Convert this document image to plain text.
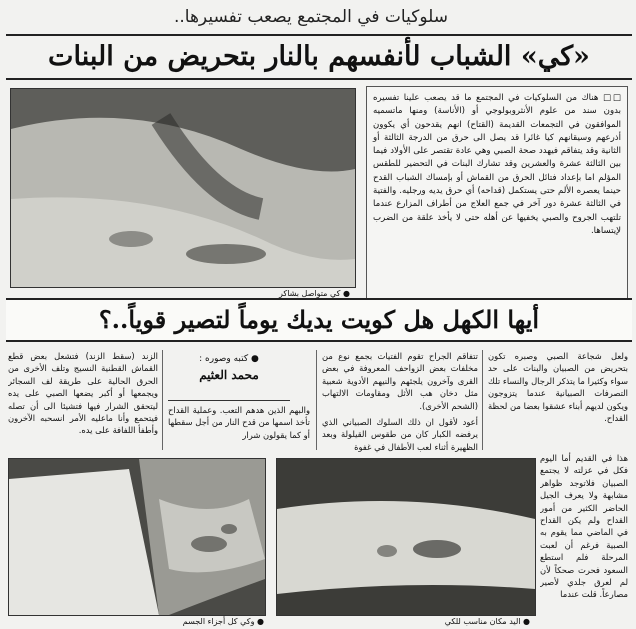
سلوكيات في المجتمع يصعب تفسيرها..
«كي» الشباب لأنفسهم بالنار بتحريض من البنات
● كي متواصل بشاكر
□□ هناك من السلوكيات في المجتمع ما قد يصعب علينا تفسيره بدون سند من علوم الأنثروبولوجي أو (الأناسة) ومنها ماتسميه الموافقون في التجمعات القديمة (القتاح) انهم يقدحون أي يكوون أذرعهم وسيقانهم كيا غائرا قد يصل الى حرق من الدرجة الثالثة أو الثانية وقد يتفاقم فيهدد صحة الصبي وهي عادة تقتصر على الأولاد فيما بين الثالثة عشرة والعشرين وقد تشارك البنات في التحضير للطقس المؤلم اما بإعداد فتائل الحرق من القماش أو بإمساك الشباب القدح حينما يعصره الألم حتى يستكمل (قداحه) أي حرق يديه ورجليه. والفتية في الثالثة عشرة دور آخر في جمع العلاج من أطراف المزارع عندما تلتهب الجروح والصبي يخفيها عن أهله حتى لا يأخذ علقة من الضرب لإيتساها.
أيها الكهل هل كويت يديك يوماً لتصير قوياً..؟
ولعل شجاعة الصبي وصبره تكون بتحريض من الصبيان والبنات على حد سواء وكثيرا ما يتذكر الرجال والنساء تلك التصرفات الصبيانية عندما يتزوجون ويكون لديهم أبناء عشقوا بعضا من لحظة القداح.
هذا في القديم أما اليوم فكل في عزلته لا يجتمع الصبيان فلاتوجد ظواهر مشابهة ولا يعرف الجيل الحاضر الكثير من أمور القداح ولم يكن القداح في الماضي مما يقوم به الصبية فرغم أن لعبت المرحلة فلم استطع السعود فحرت صحكاً لأن لم لعرق جلدي لأصير مصارعاً. قلت عندما
تتفاقم الجراح تقوم الفتيات بجمع نوع من مخلفات بعض الزواحف المعروفة في بعض القرى وآخرون يلجئهم والنيهم الأدوية شعبية مثل دخان هب الأثل ومقاومات الالتهاب (الشحم الأخرى).
أعود لأقول ان ذلك السلوك الصبياني الذي يرفضه الكبار كان من طقوس القيلولة وبعد الظهيرة أثناء لعب الأطفال في غفوة
● كتبه وصوره :
محمد العثيم
والبهم الذين هدهم التعب. وعملية القداح تأخذ اسمها من قدح النار من أجل سقطها أو كما يقولون شرار
الزند (سقط الزند) فتشعل بعض قطع القماش القطنية النسيج وتلف الأخرى من الحرق الحالية على طريقة لف السجائر ويجمعها أو أكبر يضعها الصبي على يده ليتحقق الشرار فيها فتشيئا الى أن تصله فيتحمع وأنا ماعليه الأمر انسحبه الآخرون وأطفأ اللفافة على يده.
● وكي كل أجزاء الجسم	● اليد مكان مناسب للكي
